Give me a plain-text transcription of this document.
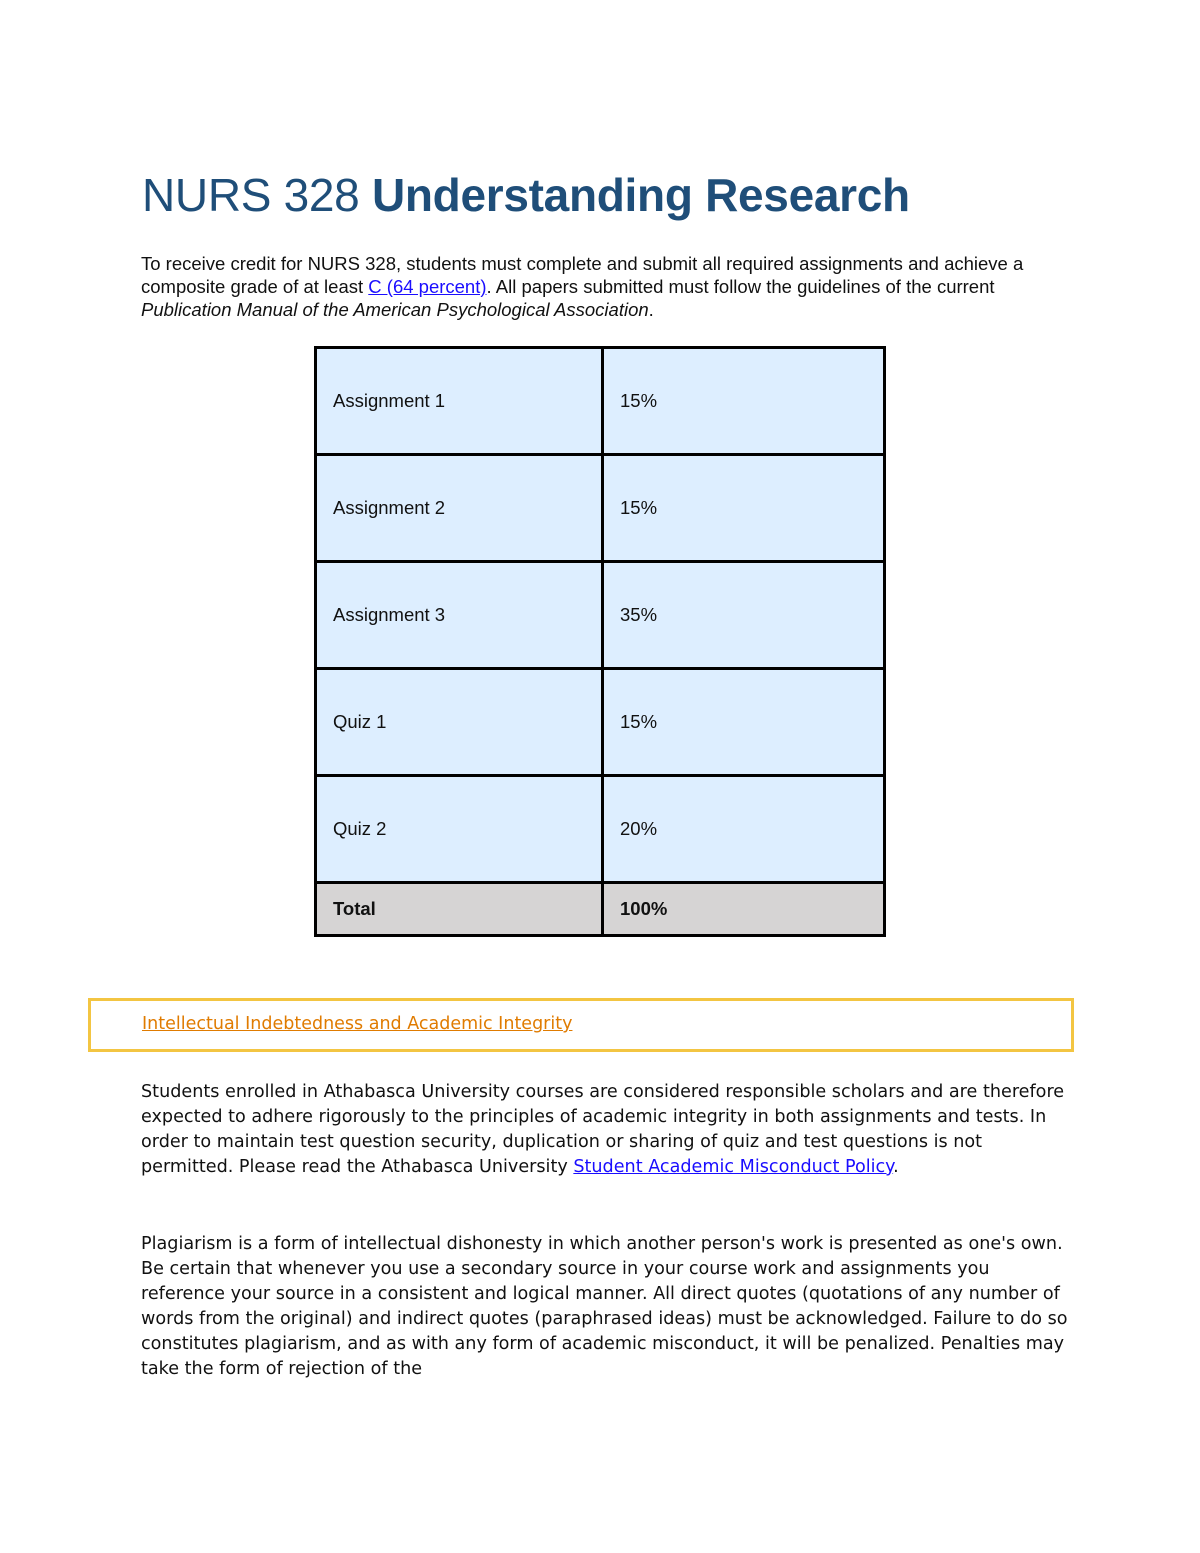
NURS 328 Understanding Research

To receive credit for NURS 328, students must complete and submit all required assignments and achieve a composite grade of at least C (64 percent). All papers submitted must follow the guidelines of the current Publication Manual of the American Psychological Association.

Assignment 1	15%
Assignment 2	15%
Assignment 3	35%
Quiz 1	15%
Quiz 2	20%
Total	100%
Intellectual Indebtedness and Academic Integrity

Students enrolled in Athabasca University courses are considered responsible scholars and are therefore expected to adhere rigorously to the principles of academic integrity in both assignments and tests. In order to maintain test question security, duplication or sharing of quiz and test questions is not permitted. Please read the Athabasca University Student Academic Misconduct Policy.

Plagiarism is a form of intellectual dishonesty in which another person's work is presented as one's own. Be certain that whenever you use a secondary source in your course work and assignments you reference your source in a consistent and logical manner. All direct quotes (quotations of any number of words from the original) and indirect quotes (paraphrased ideas) must be acknowledged. Failure to do so constitutes plagiarism, and as with any form of academic misconduct, it will be penalized. Penalties may take the form of rejection of the
